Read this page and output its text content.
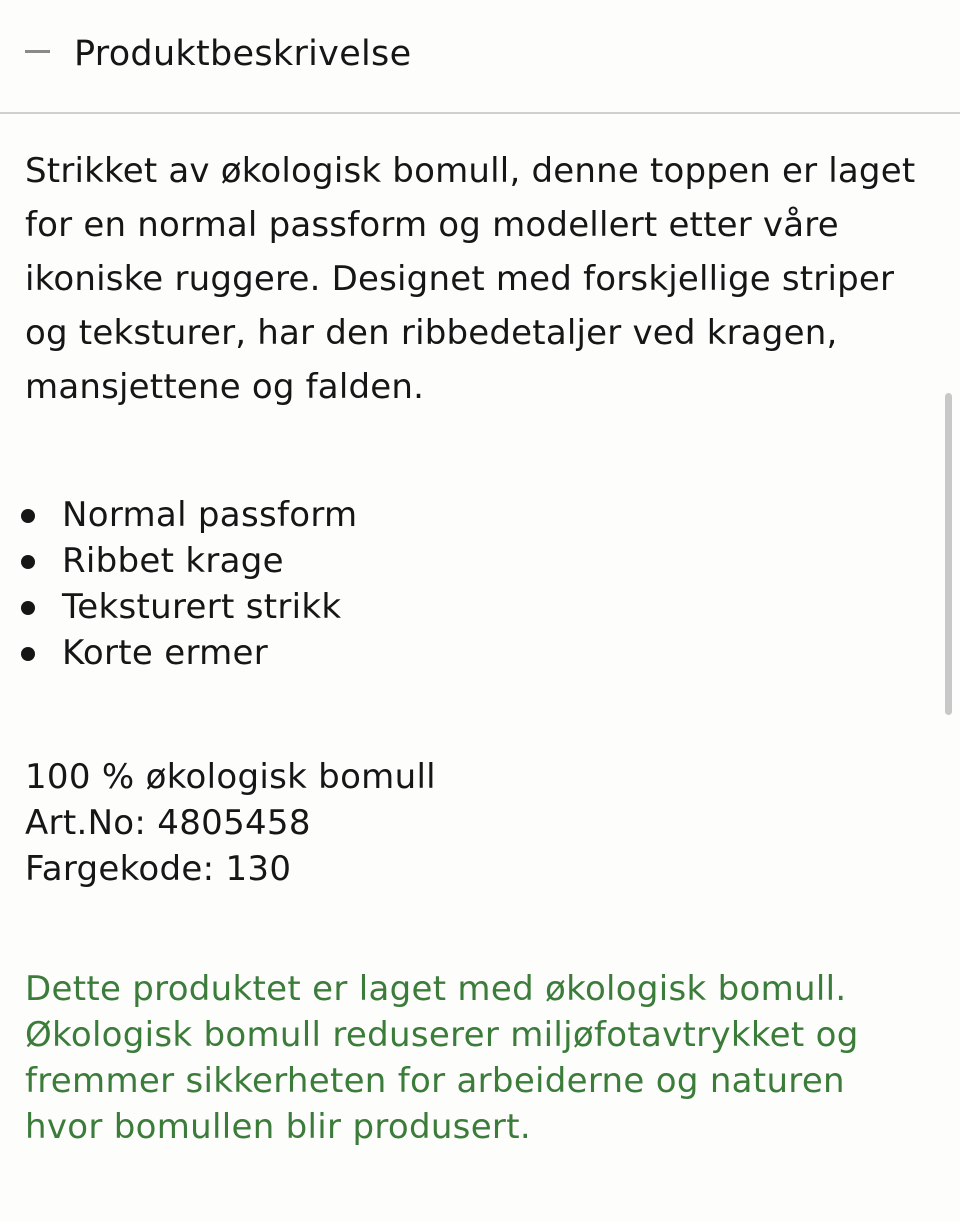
Produktbeskrivelse

Strikket av økologisk bomull, denne toppen er laget for en normal passform og modellert etter våre ikoniske ruggere. Designet med forskjellige striper og teksturer, har den ribbedetaljer ved kragen, mansjettene og falden.

Normal passform
Ribbet krage
Teksturert strikk
Korte ermer
100 % økologisk bomull
Art.No: 4805458
Fargekode: 130

Dette produktet er laget med økologisk bomull. Økologisk bomull reduserer miljøfotavtrykket og fremmer sikkerheten for arbeiderne og naturen hvor bomullen blir produsert.
